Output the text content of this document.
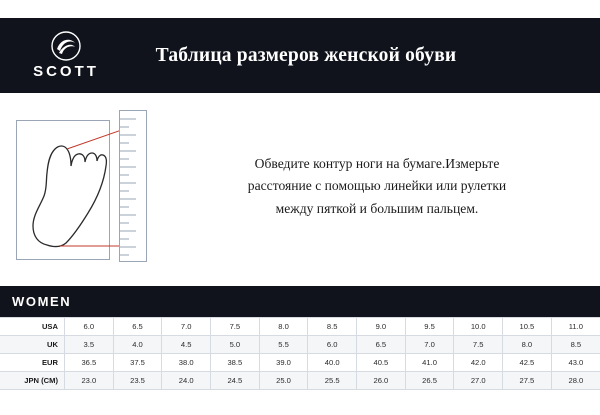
SCOTT
Таблица размеров женской обуви
Обведите контур ноги на бумаге.Измерьте
расстояние с помощью линейки или рулетки
между пяткой и большим пальцем.
WOMEN
USA	6.0	6.5	7.0	7.5	8.0	8.5	9.0	9.5	10.0	10.5	11.0
UK	3.5	4.0	4.5	5.0	5.5	6.0	6.5	7.0	7.5	8.0	8.5
EUR	36.5	37.5	38.0	38.5	39.0	40.0	40.5	41.0	42.0	42.5	43.0
JPN (CM)	23.0	23.5	24.0	24.5	25.0	25.5	26.0	26.5	27.0	27.5	28.0
